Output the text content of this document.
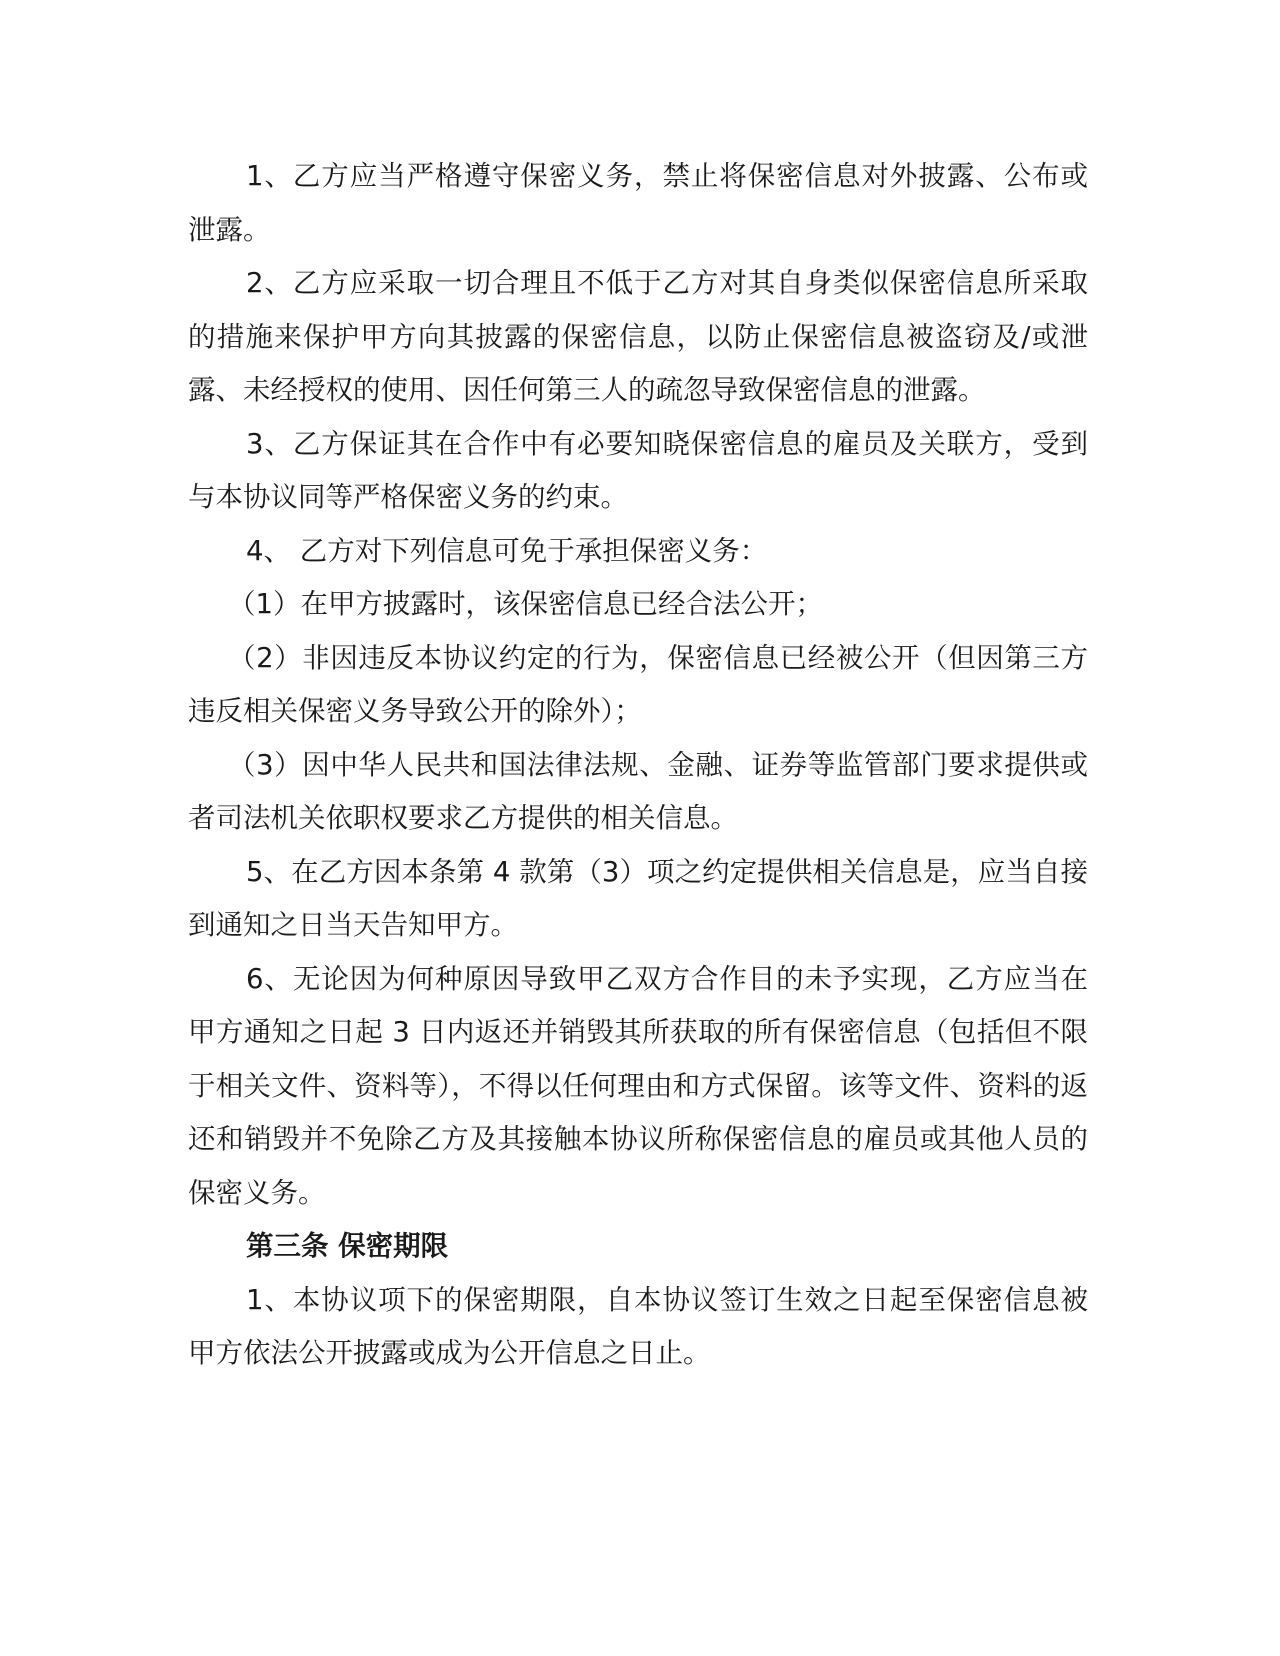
1、乙方应当严格遵守保密义务，禁止将保密信息对外披露、公布或泄露。

2、乙方应采取一切合理且不低于乙方对其自身类似保密信息所采取的措施来保护甲方向其披露的保密信息，以防止保密信息被盗窃及/或泄露、未经授权的使用、因任何第三人的疏忽导致保密信息的泄露。

3、乙方保证其在合作中有必要知晓保密信息的雇员及关联方，受到与本协议同等严格保密义务的约束。

4、 乙方对下列信息可免于承担保密义务：

（1）在甲方披露时，该保密信息已经合法公开；

（2）非因违反本协议约定的行为，保密信息已经被公开（但因第三方违反相关保密义务导致公开的除外）；

（3）因中华人民共和国法律法规、金融、证券等监管部门要求提供或者司法机关依职权要求乙方提供的相关信息。

5、在乙方因本条第 4 款第（3）项之约定提供相关信息是，应当自接到通知之日当天告知甲方。

6、无论因为何种原因导致甲乙双方合作目的未予实现，乙方应当在甲方通知之日起 3 日内返还并销毁其所获取的所有保密信息（包括但不限于相关文件、资料等），不得以任何理由和方式保留。该等文件、资料的返还和销毁并不免除乙方及其接触本协议所称保密信息的雇员或其他人员的保密义务。

第三条 保密期限

1、本协议项下的保密期限，自本协议签订生效之日起至保密信息被甲方依法公开披露或成为公开信息之日止。
